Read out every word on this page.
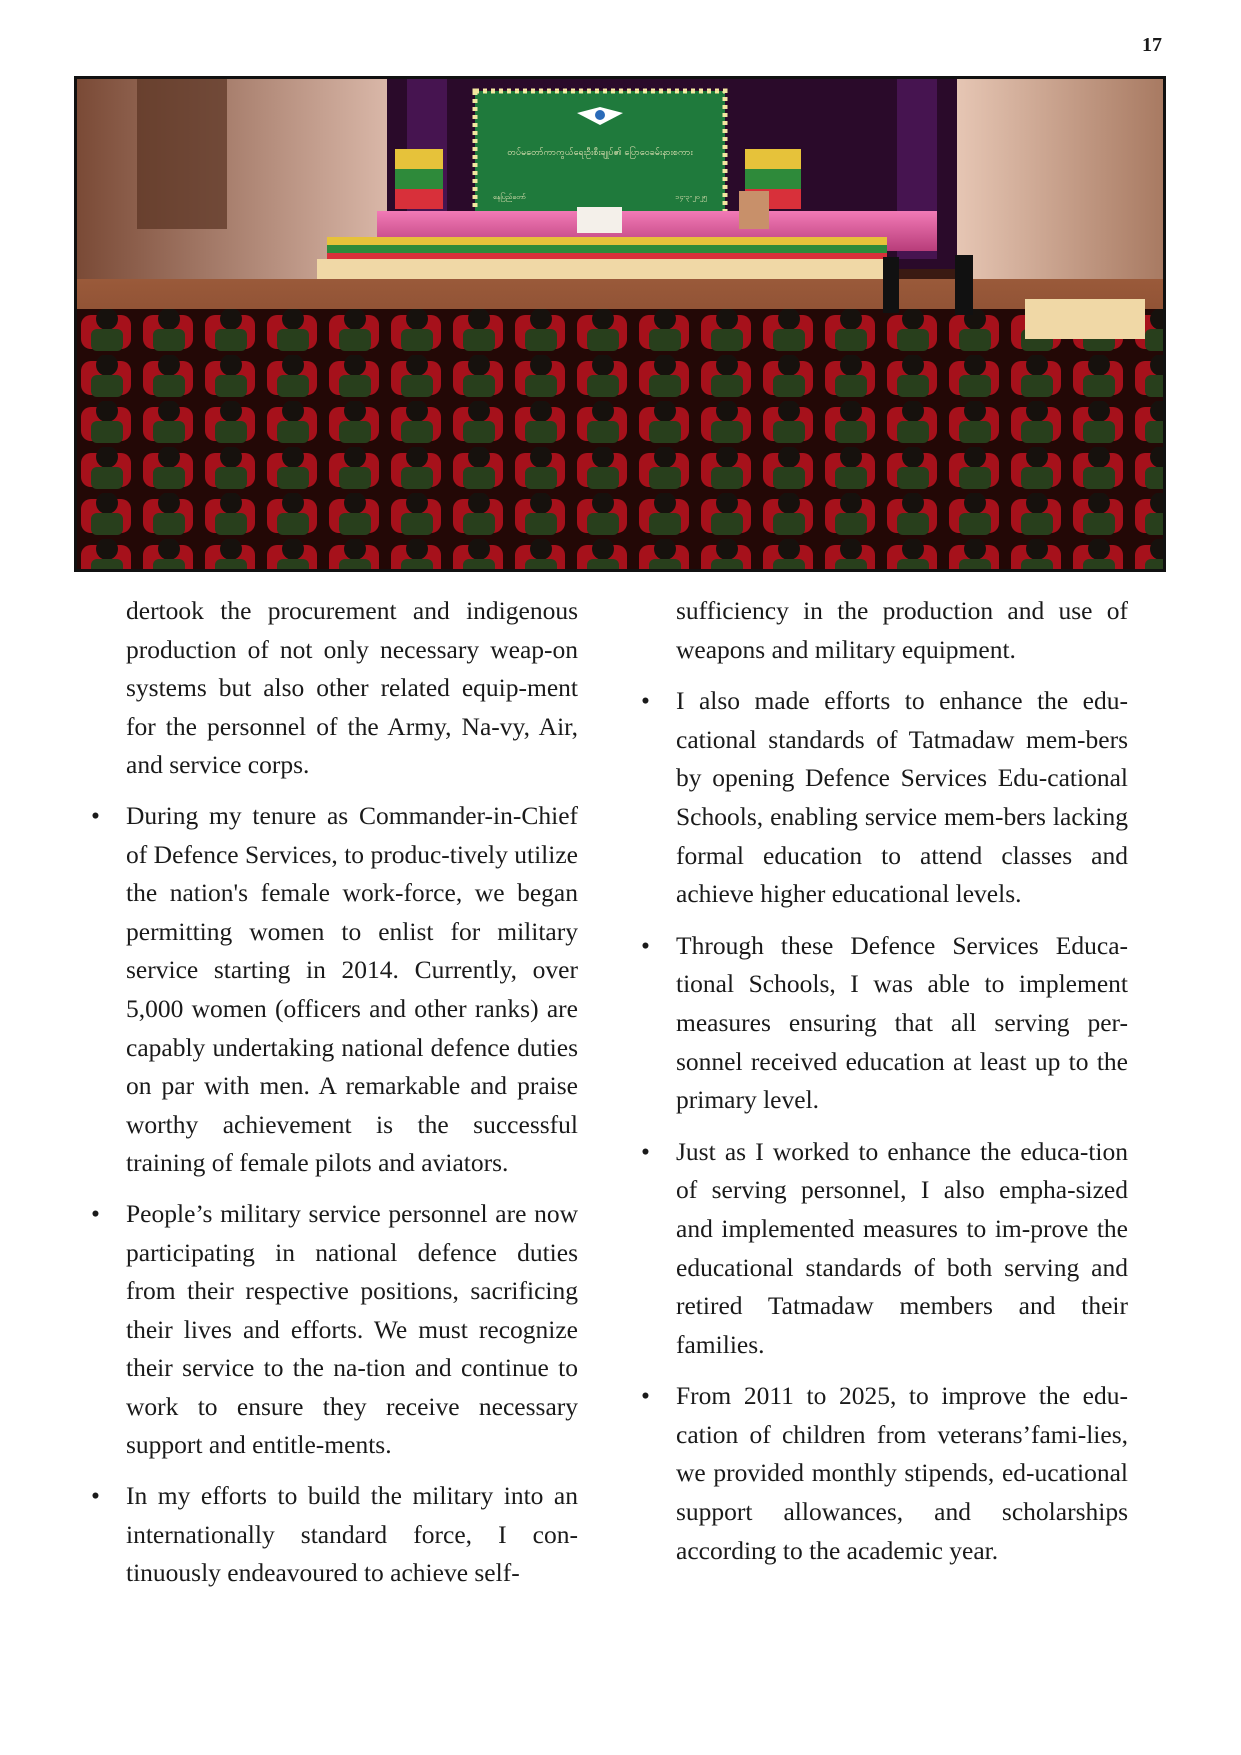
17
တပ်မတော်ကာကွယ်ရေးဦးစီးချုပ်၏ ပြောဝေခမ်းနားစကား
နေပြည်တော်	၁၄-၃-၂၀၂၅

dertook the procurement and indigenous production of not only necessary weap-on systems but also other related equip-ment for the personnel of the Army, Na-vy, Air, and service corps.

• During my tenure as Commander-in-Chief of Defence Services, to produc-tively utilize the nation's female work-force, we began permitting women to enlist for military service starting in 2014. Currently, over 5,000 women (officers and other ranks) are capably undertaking national defence duties on par with men. A remarkable and praise worthy achievement is the successful training of female pilots and aviators.
• People’s military service personnel are now participating in national defence duties from their respective positions, sacrificing their lives and efforts. We must recognize their service to the na-tion and continue to work to ensure they receive necessary support and entitle-ments.
• In my efforts to build the military into an internationally standard force, I con-tinuously endeavoured to achieve self-

sufficiency in the production and use of weapons and military equipment.

• I also made efforts to enhance the edu-cational standards of Tatmadaw mem-bers by opening Defence Services Edu-cational Schools, enabling service mem-bers lacking formal education to attend classes and achieve higher educational levels.
• Through these Defence Services Educa-tional Schools, I was able to implement measures ensuring that all serving per-sonnel received education at least up to the primary level.
• Just as I worked to enhance the educa-tion of serving personnel, I also empha-sized and implemented measures to im-prove the educational standards of both serving and retired Tatmadaw members and their families.
• From 2011 to 2025, to improve the edu-cation of children from veterans’fami-lies, we provided monthly stipends, ed-ucational support allowances, and scholarships according to the academic year.
